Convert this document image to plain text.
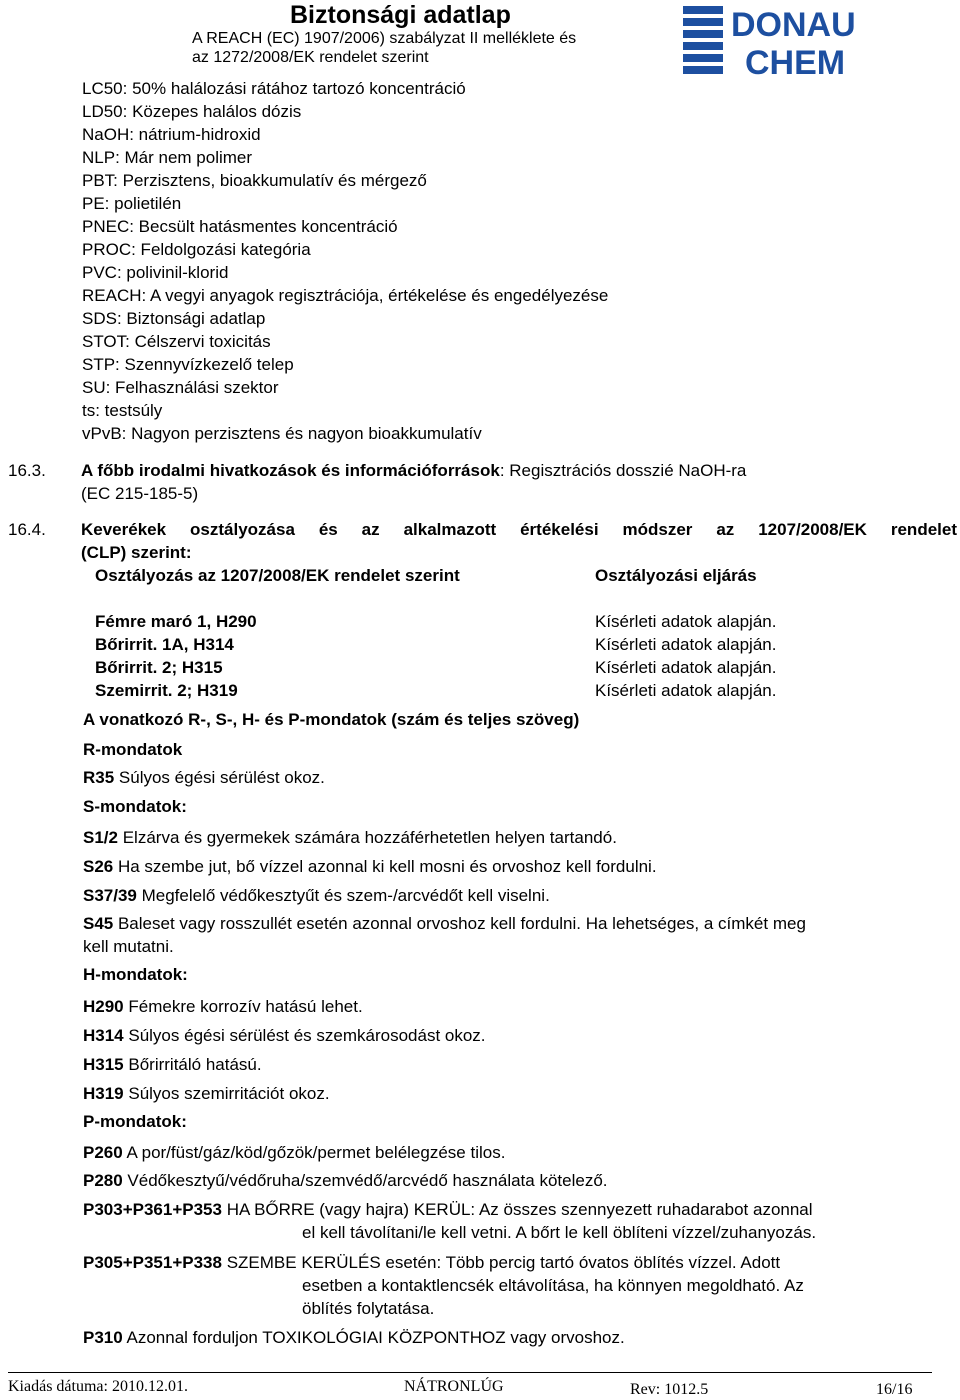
Biztonsági adatlap
A REACH (EC) 1907/2006) szabályzat II melléklete és
az 1272/2008/EK rendelet szerint
DONAU
CHEM
LC50: 50% halálozási rátához tartozó koncentráció
LD50: Közepes halálos dózis
NaOH: nátrium-hidroxid
NLP: Már nem polimer
PBT: Perzisztens, bioakkumulatív és mérgező
PE: polietilén
PNEC: Becsült hatásmentes koncentráció
PROC: Feldolgozási kategória
PVC: polivinil-klorid
REACH: A vegyi anyagok regisztrációja, értékelése és engedélyezése
SDS: Biztonsági adatlap
STOT: Célszervi toxicitás
STP: Szennyvízkezelő telep
SU: Felhasználási szektor
ts: testsúly
vPvB: Nagyon perzisztens és nagyon bioakkumulatív
16.3. A főbb irodalmi hivatkozások és információforrások: Regisztrációs dosszié NaOH-ra
(EC 215-185-5)
16.4. Keverékek osztályozása és az alkalmazott értékelési módszer az 1207/2008/EK rendelet
(CLP) szerint:
Osztályozás az 1207/2008/EK rendelet szerint	Osztályozási eljárás
Fémre maró 1, H290	Kísérleti adatok alapján.
Bőrirrit. 1A, H314	Kísérleti adatok alapján.
Bőrirrit. 2; H315	Kísérleti adatok alapján.
Szemirrit. 2; H319	Kísérleti adatok alapján.
A vonatkozó R-, S-, H- és P-mondatok (szám és teljes szöveg)
R-mondatok
R35 Súlyos égési sérülést okoz.
S-mondatok:
S1/2 Elzárva és gyermekek számára hozzáférhetetlen helyen tartandó.
S26 Ha szembe jut, bő vízzel azonnal ki kell mosni és orvoshoz kell fordulni.
S37/39 Megfelelő védőkesztyűt és szem-/arcvédőt kell viselni.
S45 Baleset vagy rosszullét esetén azonnal orvoshoz kell fordulni. Ha lehetséges, a címkét meg
kell mutatni.
H-mondatok:
H290 Fémekre korrozív hatású lehet.
H314 Súlyos égési sérülést és szemkárosodást okoz.
H315 Bőrirritáló hatású.
H319 Súlyos szemirritációt okoz.
P-mondatok:
P260 A por/füst/gáz/köd/gőzök/permet belélegzése tilos.
P280 Védőkesztyű/védőruha/szemvédő/arcvédő használata kötelező.
P303+P361+P353 HA BŐRRE (vagy hajra) KERÜL: Az összes szennyezett ruhadarabot azonnal
el kell távolítani/le kell vetni. A bőrt le kell öblíteni vízzel/zuhanyozás.
P305+P351+P338 SZEMBE KERÜLÉS esetén: Több percig tartó óvatos öblítés vízzel. Adott
esetben a kontaktlencsék eltávolítása, ha könnyen megoldható. Az
öblítés folytatása.
P310 Azonnal forduljon TOXIKOLÓGIAI KÖZPONTHOZ vagy orvoshoz.
Kiadás dátuma: 2010.12.01.	NÁTRONLÚG	Rev: 1012.5	16/16
